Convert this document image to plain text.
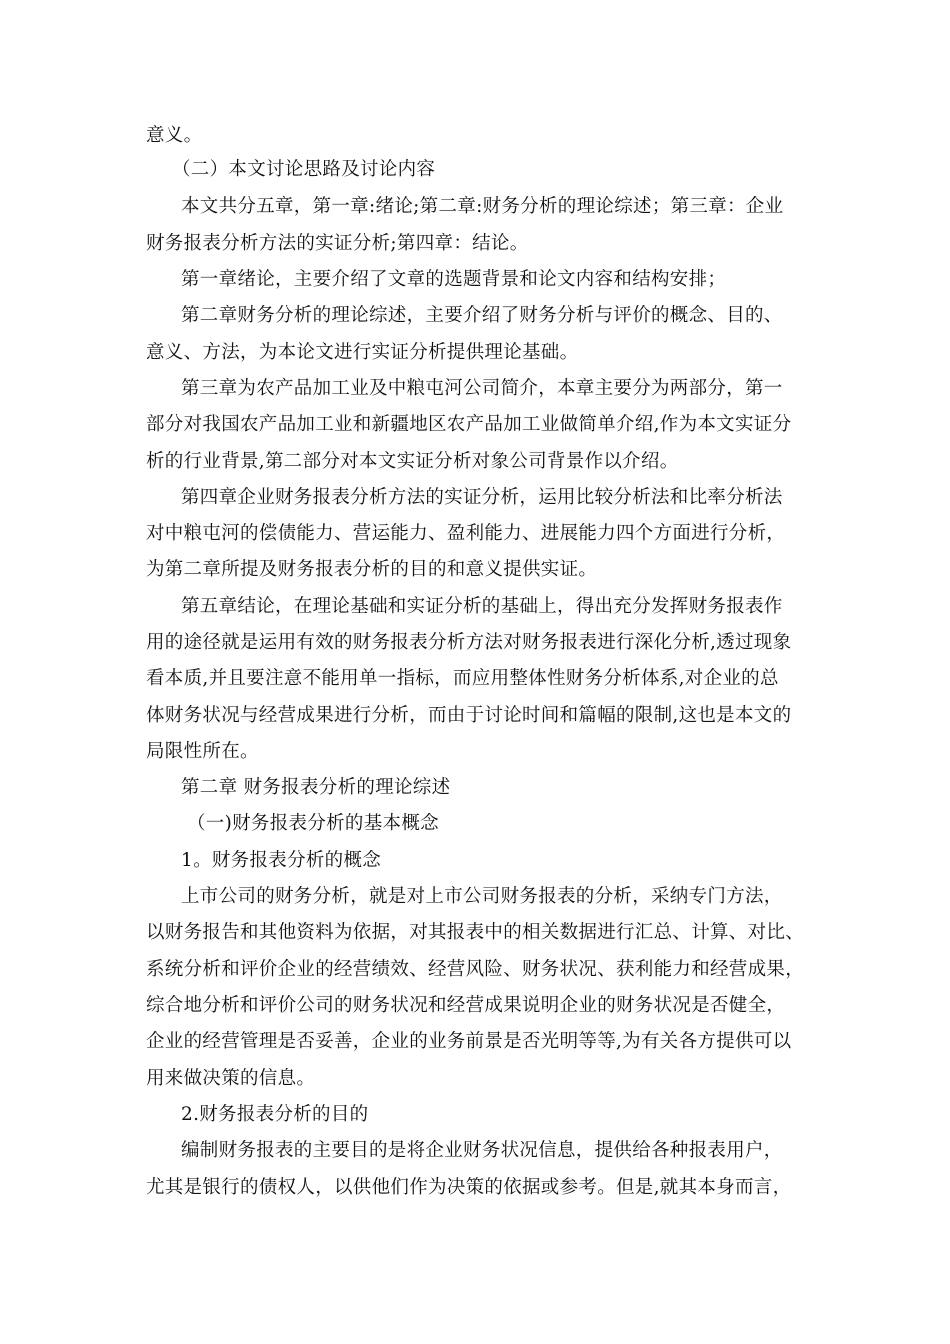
意义。
（二）本文讨论思路及讨论内容
本文共分五章，第一章:绪论;第二章:财务分析的理论综述；第三章：企业
财务报表分析方法的实证分析;第四章：结论。
第一章绪论，主要介绍了文章的选题背景和论文内容和结构安排；
第二章财务分析的理论综述，主要介绍了财务分析与评价的概念、目的、
意义、方法，为本论文进行实证分析提供理论基础。
第三章为农产品加工业及中粮屯河公司简介，本章主要分为两部分，第一
部分对我国农产品加工业和新疆地区农产品加工业做简单介绍,作为本文实证分
析的行业背景,第二部分对本文实证分析对象公司背景作以介绍。
第四章企业财务报表分析方法的实证分析，运用比较分析法和比率分析法
对中粮屯河的偿债能力、营运能力、盈利能力、进展能力四个方面进行分析，
为第二章所提及财务报表分析的目的和意义提供实证。
第五章结论，在理论基础和实证分析的基础上，得出充分发挥财务报表作
用的途径就是运用有效的财务报表分析方法对财务报表进行深化分析,透过现象
看本质,并且要注意不能用单一指标，而应用整体性财务分析体系,对企业的总
体财务状况与经营成果进行分析，而由于讨论时间和篇幅的限制,这也是本文的
局限性所在。
第二章 财务报表分析的理论综述
（一)财务报表分析的基本概念
1。财务报表分析的概念
上市公司的财务分析，就是对上市公司财务报表的分析，采纳专门方法，
以财务报告和其他资料为依据，对其报表中的相关数据进行汇总、计算、对比、
系统分析和评价企业的经营绩效、经营风险、财务状况、获利能力和经营成果，
综合地分析和评价公司的财务状况和经营成果说明企业的财务状况是否健全，
企业的经营管理是否妥善，企业的业务前景是否光明等等,为有关各方提供可以
用来做决策的信息。
2.财务报表分析的目的
编制财务报表的主要目的是将企业财务状况信息，提供给各种报表用户，
尤其是银行的债权人，以供他们作为决策的依据或参考。但是,就其本身而言，
